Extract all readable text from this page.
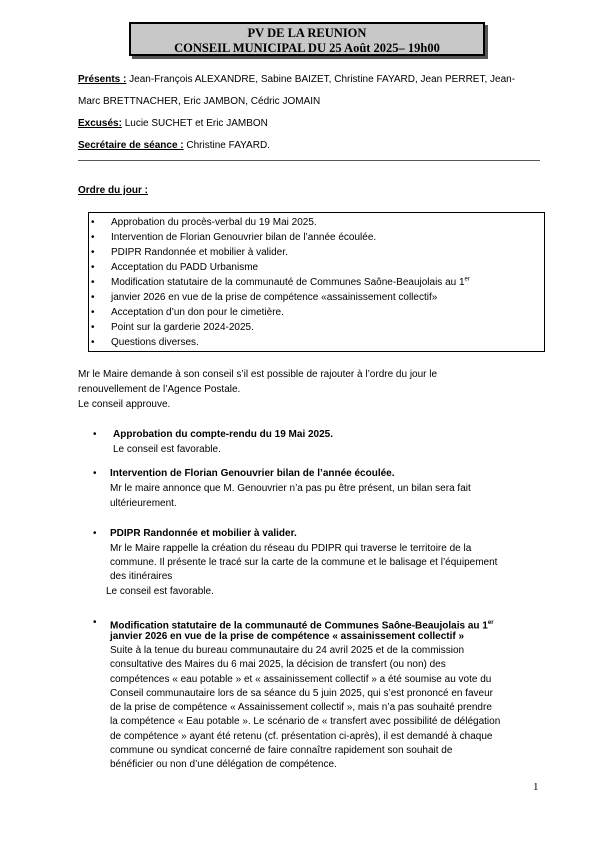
PV DE LA REUNION
CONSEIL MUNICIPAL DU 25 Août 2025– 19h00
Présents : Jean-François ALEXANDRE, Sabine BAIZET, Christine FAYARD, Jean PERRET, Jean-
Marc BRETTNACHER, Eric JAMBON, Cédric JOMAIN
Excusés: Lucie SUCHET et Eric JAMBON
Secrétaire de séance : Christine FAYARD.
Ordre du jour :
• Approbation du procès-verbal du 19 Mai 2025.
• Intervention de Florian Genouvrier bilan de l’année écoulée.
• PDIPR Randonnée et mobilier à valider.
• Acceptation du PADD Urbanisme
• Modification statutaire de la communauté de Communes Saône-Beaujolais au 1er
• janvier 2026 en vue de la prise de compétence «assainissement collectif»
• Acceptation d’un don pour le cimetière.
• Point sur la garderie 2024-2025.
• Questions diverses.
Mr le Maire demande à son conseil s’il est possible de rajouter à l’ordre du jour le
renouvellement de l’Agence Postale.
Le conseil approuve.
• Approbation du compte-rendu du 19 Mai 2025.
Le conseil est favorable.
• Intervention de Florian Genouvrier bilan de l’année écoulée.
Mr le maire annonce que M. Genouvrier n’a pas pu être présent, un bilan sera fait
ultérieurement.
• PDIPR Randonnée et mobilier à valider.
Mr le Maire rappelle la création du réseau du PDIPR qui traverse le territoire de la
commune. Il présente le tracé sur la carte de la commune et le balisage et l’équipement
des itinéraires
Le conseil est favorable.
• Modification statutaire de la communauté de Communes Saône-Beaujolais au 1er
janvier 2026 en vue de la prise de compétence « assainissement collectif »
Suite à la tenue du bureau communautaire du 24 avril 2025 et de la commission
consultative des Maires du 6 mai 2025, la décision de transfert (ou non) des
compétences « eau potable » et « assainissement collectif » a été soumise au vote du
Conseil communautaire lors de sa séance du 5 juin 2025, qui s’est prononcé en faveur
de la prise de compétence « Assainissement collectif », mais n’a pas souhaité prendre
la compétence « Eau potable ». Le scénario de « transfert avec possibilité de délégation
de compétence » ayant été retenu (cf. présentation ci-après), il est demandé à chaque
commune ou syndicat concerné de faire connaître rapidement son souhait de
bénéficier ou non d’une délégation de compétence.
1
